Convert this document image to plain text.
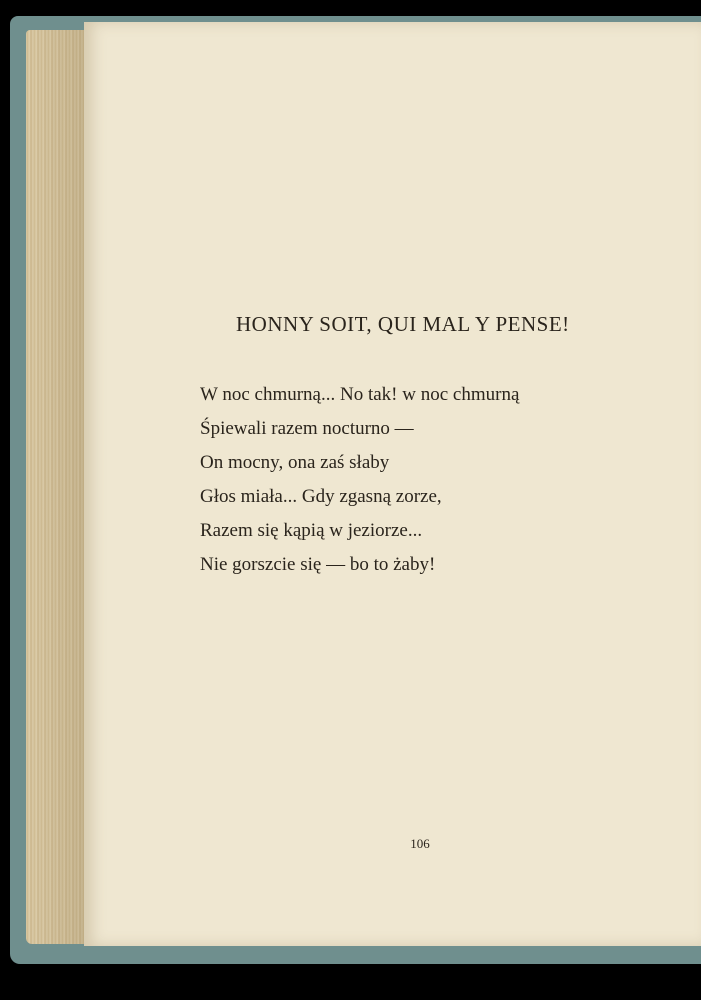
HONNY SOIT, QUI MAL Y PENSE!
W noc chmurną... No tak! w noc chmurną
Śpiewali razem nocturno —
On mocny, ona zaś słaby
Głos miała... Gdy zgasną zorze,
Razem się kąpią w jeziorze...
Nie gorszcie się — bo to żaby!
106
